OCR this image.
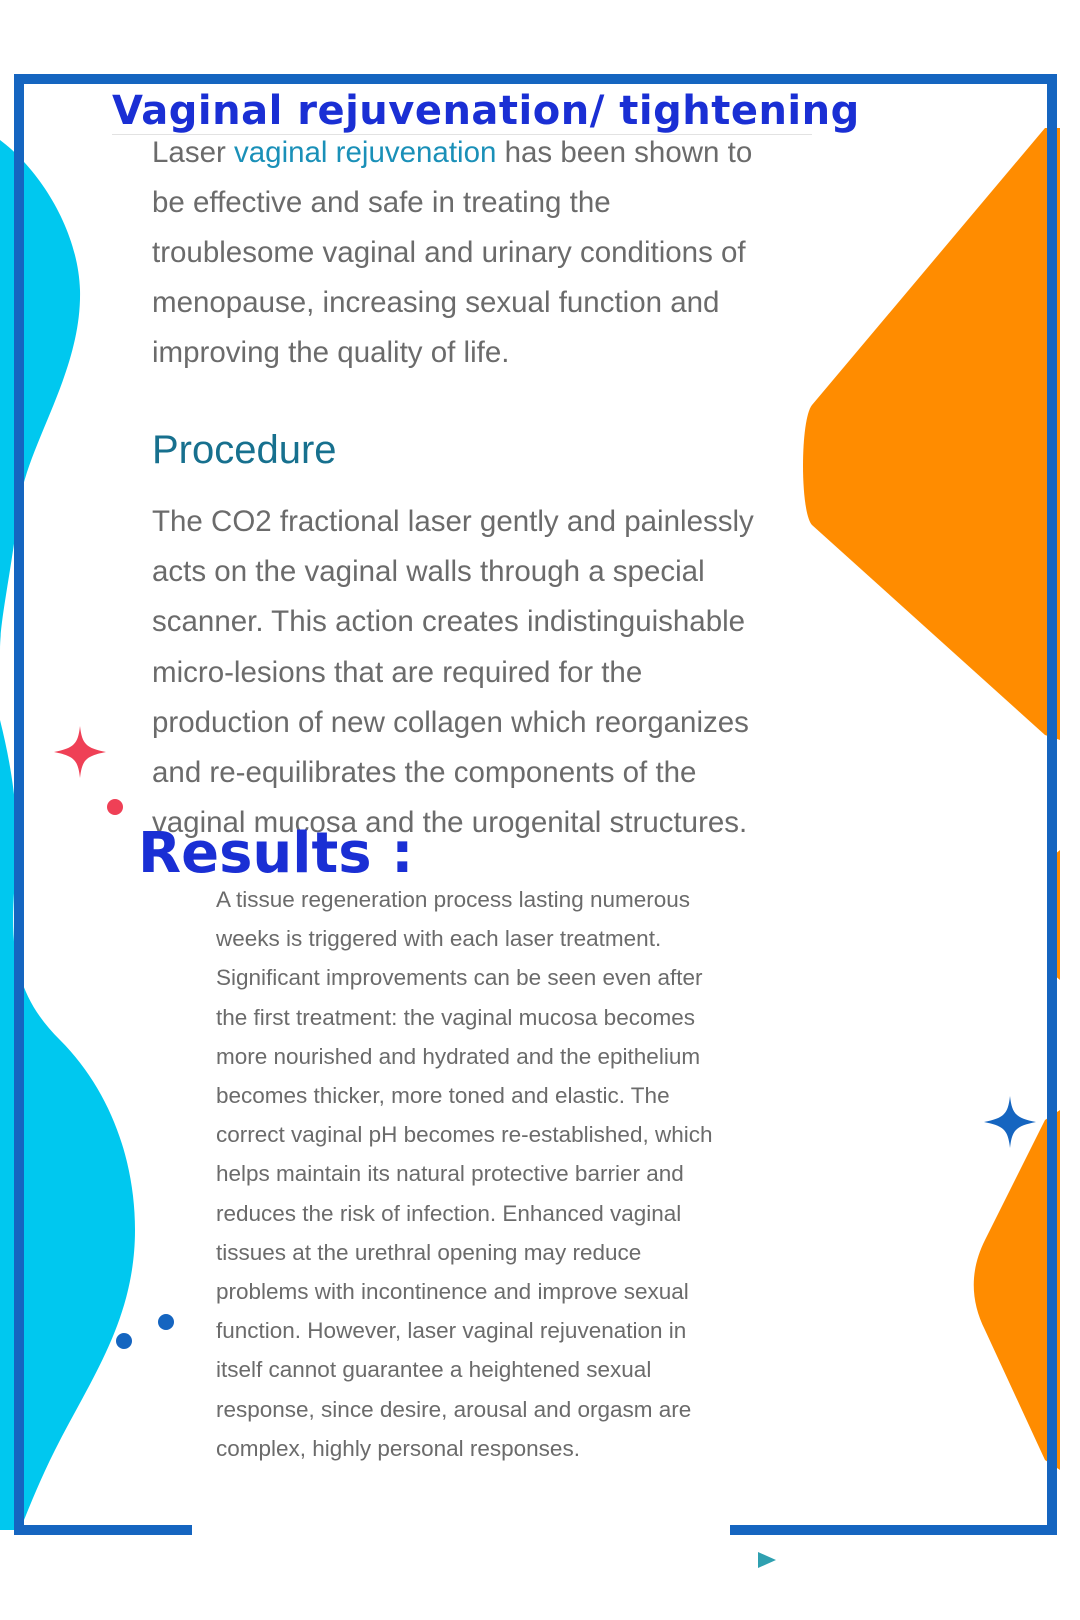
Vaginal rejuvenation/ tightening
Laser vaginal rejuvenation has been shown to be effective and safe in treating the troublesome vaginal and urinary conditions of menopause, increasing sexual function and improving the quality of life.
Procedure
The CO2 fractional laser gently and painlessly acts on the vaginal walls through a special scanner. This action creates indistinguishable micro-lesions that are required for the production of new collagen which reorganizes and re-equilibrates the components of the vaginal mucosa and the urogenital structures.
Results :
A tissue regeneration process lasting numerous weeks is triggered with each laser treatment. Significant improvements can be seen even after the first treatment: the vaginal mucosa becomes more nourished and hydrated and the epithelium becomes thicker, more toned and elastic. The correct vaginal pH becomes re-established, which helps maintain its natural protective barrier and reduces the risk of infection. Enhanced vaginal tissues at the urethral opening may reduce problems with incontinence and improve sexual function. However, laser vaginal rejuvenation in itself cannot guarantee a heightened sexual response, since desire, arousal and orgasm are complex, highly personal responses.
